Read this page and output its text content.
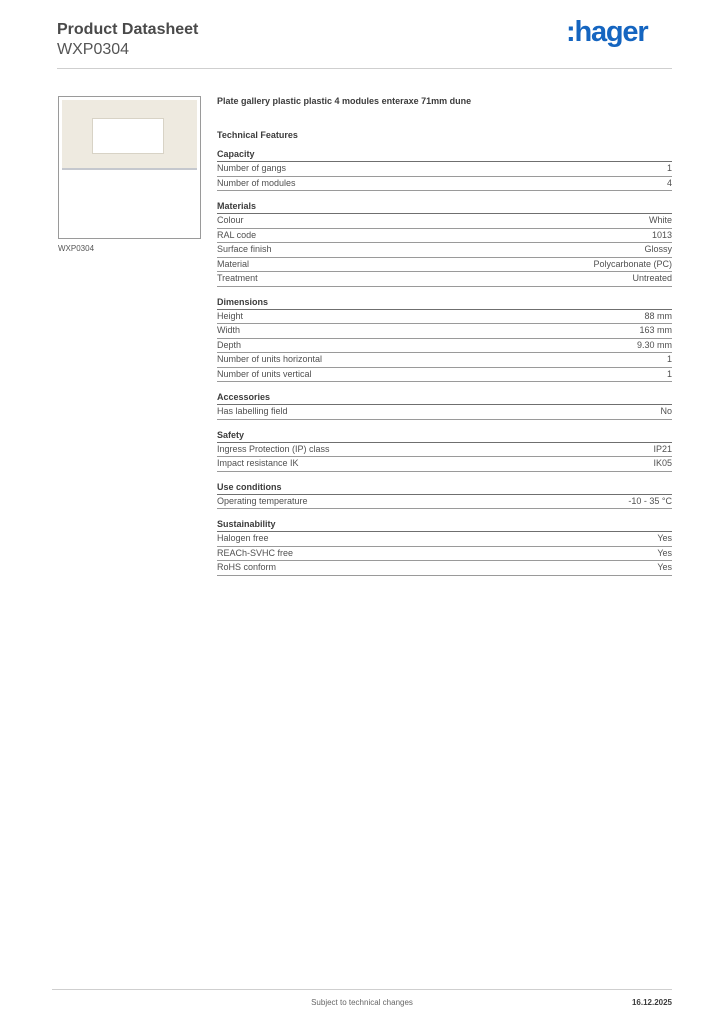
Product Datasheet
WXP0304
:hager
WXP0304
Plate gallery plastic plastic 4 modules enteraxe 71mm dune
Technical Features
Capacity
Number of gangs	1
Number of modules	4
Materials
Colour	White
RAL code	1013
Surface finish	Glossy
Material	Polycarbonate (PC)
Treatment	Untreated
Dimensions
Height	88 mm
Width	163 mm
Depth	9.30 mm
Number of units horizontal	1
Number of units vertical	1
Accessories
Has labelling field	No
Safety
Ingress Protection (IP) class	IP21
Impact resistance IK	IK05
Use conditions
Operating temperature	-10 - 35 °C
Sustainability
Halogen free	Yes
REACh-SVHC free	Yes
RoHS conform	Yes
Subject to technical changes	16.12.2025
